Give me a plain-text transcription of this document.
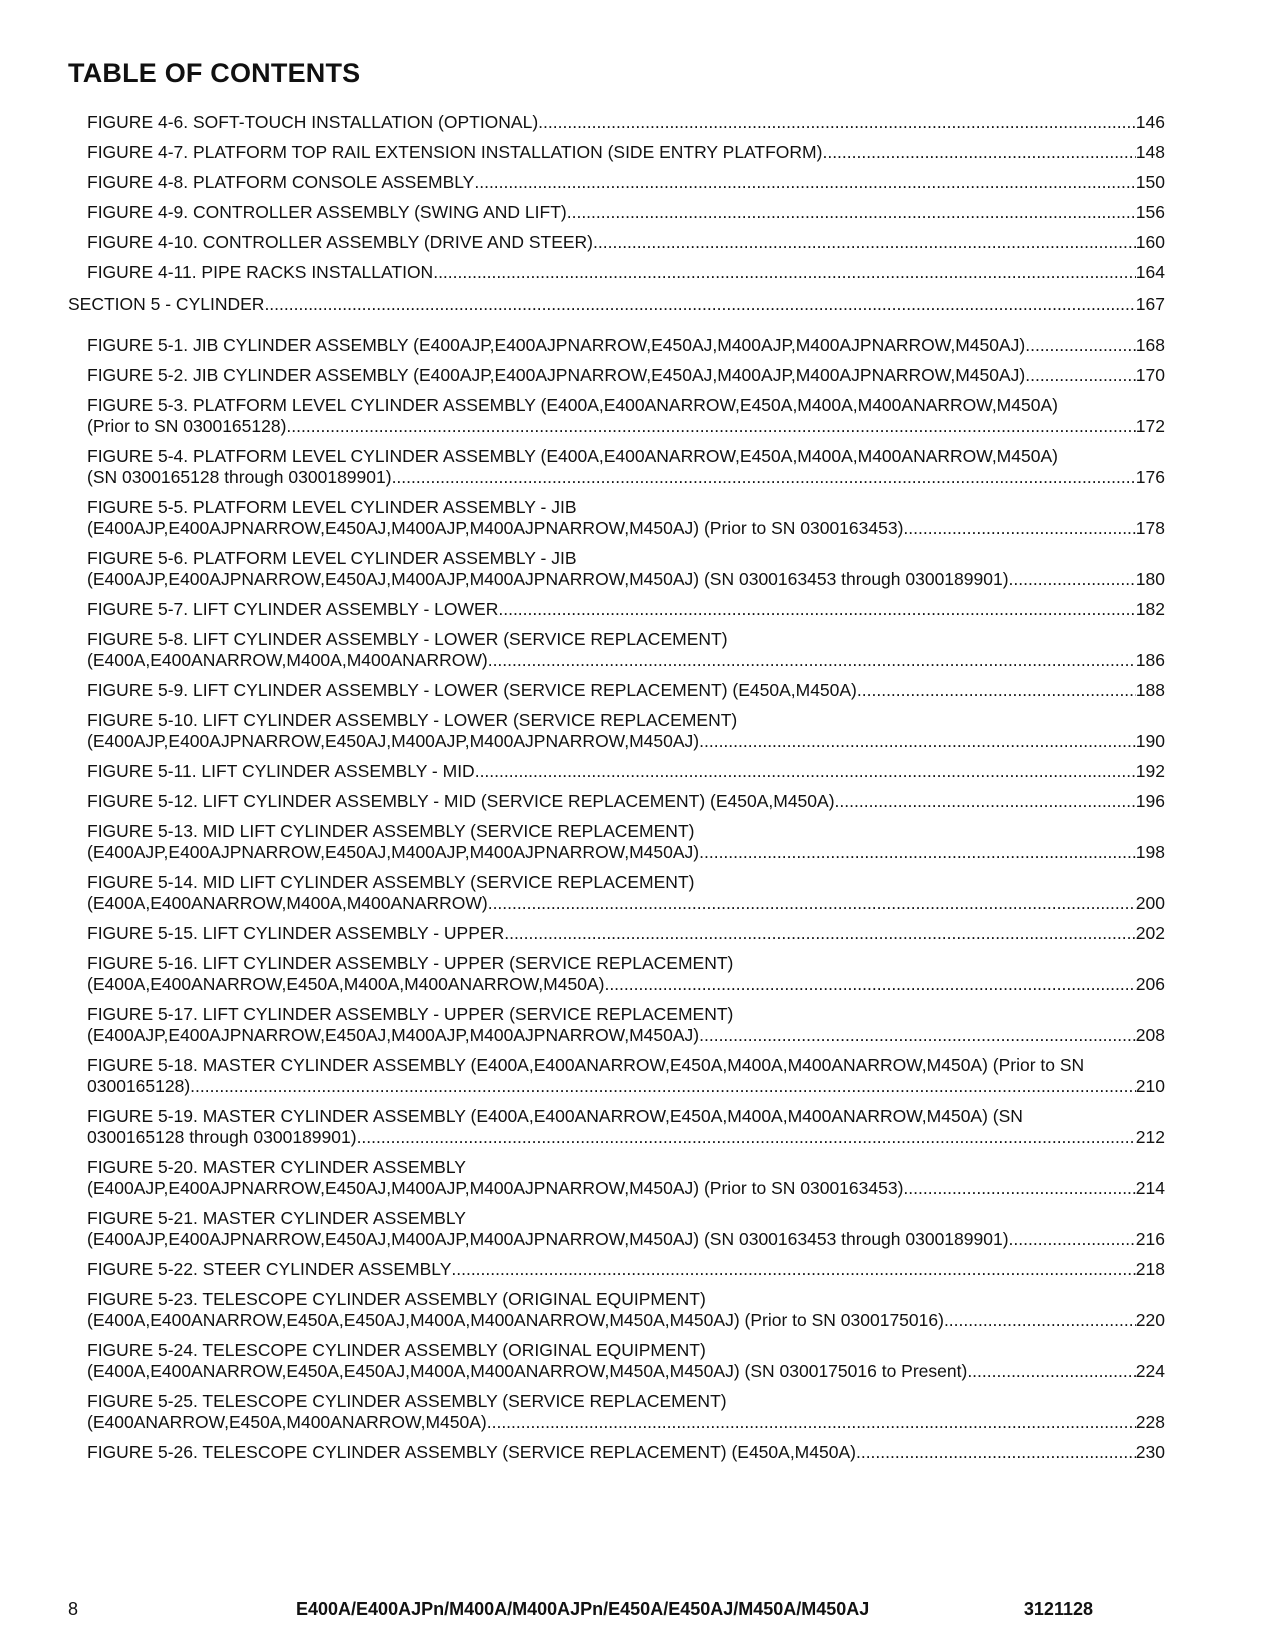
TABLE OF CONTENTS
FIGURE 4-6. SOFT-TOUCH INSTALLATION (OPTIONAL) .....	146
FIGURE 4-7. PLATFORM TOP RAIL EXTENSION INSTALLATION (SIDE ENTRY PLATFORM) .....	148
FIGURE 4-8. PLATFORM CONSOLE ASSEMBLY .....	150
FIGURE 4-9. CONTROLLER ASSEMBLY (SWING AND LIFT) .....	156
FIGURE 4-10. CONTROLLER ASSEMBLY (DRIVE AND STEER) .....	160
FIGURE 4-11. PIPE RACKS INSTALLATION .....	164
SECTION 5 - CYLINDER .....	167
FIGURE 5-1. JIB CYLINDER ASSEMBLY (E400AJP,E400AJPNARROW,E450AJ,M400AJP,M400AJPNARROW,M450AJ) .....	168
FIGURE 5-2. JIB CYLINDER ASSEMBLY (E400AJP,E400AJPNARROW,E450AJ,M400AJP,M400AJPNARROW,M450AJ) .....	170
FIGURE 5-3. PLATFORM LEVEL CYLINDER ASSEMBLY (E400A,E400ANARROW,E450A,M400A,M400ANARROW,M450A)
(Prior to SN 0300165128) .....	172
FIGURE 5-4. PLATFORM LEVEL CYLINDER ASSEMBLY (E400A,E400ANARROW,E450A,M400A,M400ANARROW,M450A)
(SN 0300165128 through 0300189901) .....	176
FIGURE 5-5. PLATFORM LEVEL CYLINDER ASSEMBLY - JIB
(E400AJP,E400AJPNARROW,E450AJ,M400AJP,M400AJPNARROW,M450AJ) (Prior to SN 0300163453) .....	178
FIGURE 5-6. PLATFORM LEVEL CYLINDER ASSEMBLY - JIB
(E400AJP,E400AJPNARROW,E450AJ,M400AJP,M400AJPNARROW,M450AJ) (SN 0300163453 through 0300189901) .....	180
FIGURE 5-7. LIFT CYLINDER ASSEMBLY - LOWER .....	182
FIGURE 5-8. LIFT CYLINDER ASSEMBLY - LOWER (SERVICE REPLACEMENT)
(E400A,E400ANARROW,M400A,M400ANARROW) .....	186
FIGURE 5-9. LIFT CYLINDER ASSEMBLY - LOWER (SERVICE REPLACEMENT) (E450A,M450A) .....	188
FIGURE 5-10. LIFT CYLINDER ASSEMBLY - LOWER (SERVICE REPLACEMENT)
(E400AJP,E400AJPNARROW,E450AJ,M400AJP,M400AJPNARROW,M450AJ) .....	190
FIGURE 5-11. LIFT CYLINDER ASSEMBLY - MID .....	192
FIGURE 5-12. LIFT CYLINDER ASSEMBLY - MID (SERVICE REPLACEMENT) (E450A,M450A) .....	196
FIGURE 5-13. MID LIFT CYLINDER ASSEMBLY (SERVICE REPLACEMENT)
(E400AJP,E400AJPNARROW,E450AJ,M400AJP,M400AJPNARROW,M450AJ) .....	198
FIGURE 5-14. MID LIFT CYLINDER ASSEMBLY (SERVICE REPLACEMENT)
(E400A,E400ANARROW,M400A,M400ANARROW) .....	200
FIGURE 5-15. LIFT CYLINDER ASSEMBLY - UPPER .....	202
FIGURE 5-16. LIFT CYLINDER ASSEMBLY - UPPER (SERVICE REPLACEMENT)
(E400A,E400ANARROW,E450A,M400A,M400ANARROW,M450A) .....	206
FIGURE 5-17. LIFT CYLINDER ASSEMBLY - UPPER (SERVICE REPLACEMENT)
(E400AJP,E400AJPNARROW,E450AJ,M400AJP,M400AJPNARROW,M450AJ) .....	208
FIGURE 5-18. MASTER CYLINDER ASSEMBLY (E400A,E400ANARROW,E450A,M400A,M400ANARROW,M450A) (Prior to SN
0300165128) .....	210
FIGURE 5-19. MASTER CYLINDER ASSEMBLY (E400A,E400ANARROW,E450A,M400A,M400ANARROW,M450A) (SN
0300165128 through 0300189901) .....	212
FIGURE 5-20. MASTER CYLINDER ASSEMBLY
(E400AJP,E400AJPNARROW,E450AJ,M400AJP,M400AJPNARROW,M450AJ) (Prior to SN 0300163453) .....	214
FIGURE 5-21. MASTER CYLINDER ASSEMBLY
(E400AJP,E400AJPNARROW,E450AJ,M400AJP,M400AJPNARROW,M450AJ) (SN 0300163453 through 0300189901) .....	216
FIGURE 5-22. STEER CYLINDER ASSEMBLY .....	218
FIGURE 5-23. TELESCOPE CYLINDER ASSEMBLY (ORIGINAL EQUIPMENT)
(E400A,E400ANARROW,E450A,E450AJ,M400A,M400ANARROW,M450A,M450AJ) (Prior to SN 0300175016) .....	220
FIGURE 5-24. TELESCOPE CYLINDER ASSEMBLY (ORIGINAL EQUIPMENT)
(E400A,E400ANARROW,E450A,E450AJ,M400A,M400ANARROW,M450A,M450AJ) (SN 0300175016 to Present) .....	224
FIGURE 5-25. TELESCOPE CYLINDER ASSEMBLY (SERVICE REPLACEMENT)
(E400ANARROW,E450A,M400ANARROW,M450A) .....	228
FIGURE 5-26. TELESCOPE CYLINDER ASSEMBLY (SERVICE REPLACEMENT) (E450A,M450A) .....	230
8	E400A/E400AJPn/M400A/M400AJPn/E450A/E450AJ/M450A/M450AJ	3121128
